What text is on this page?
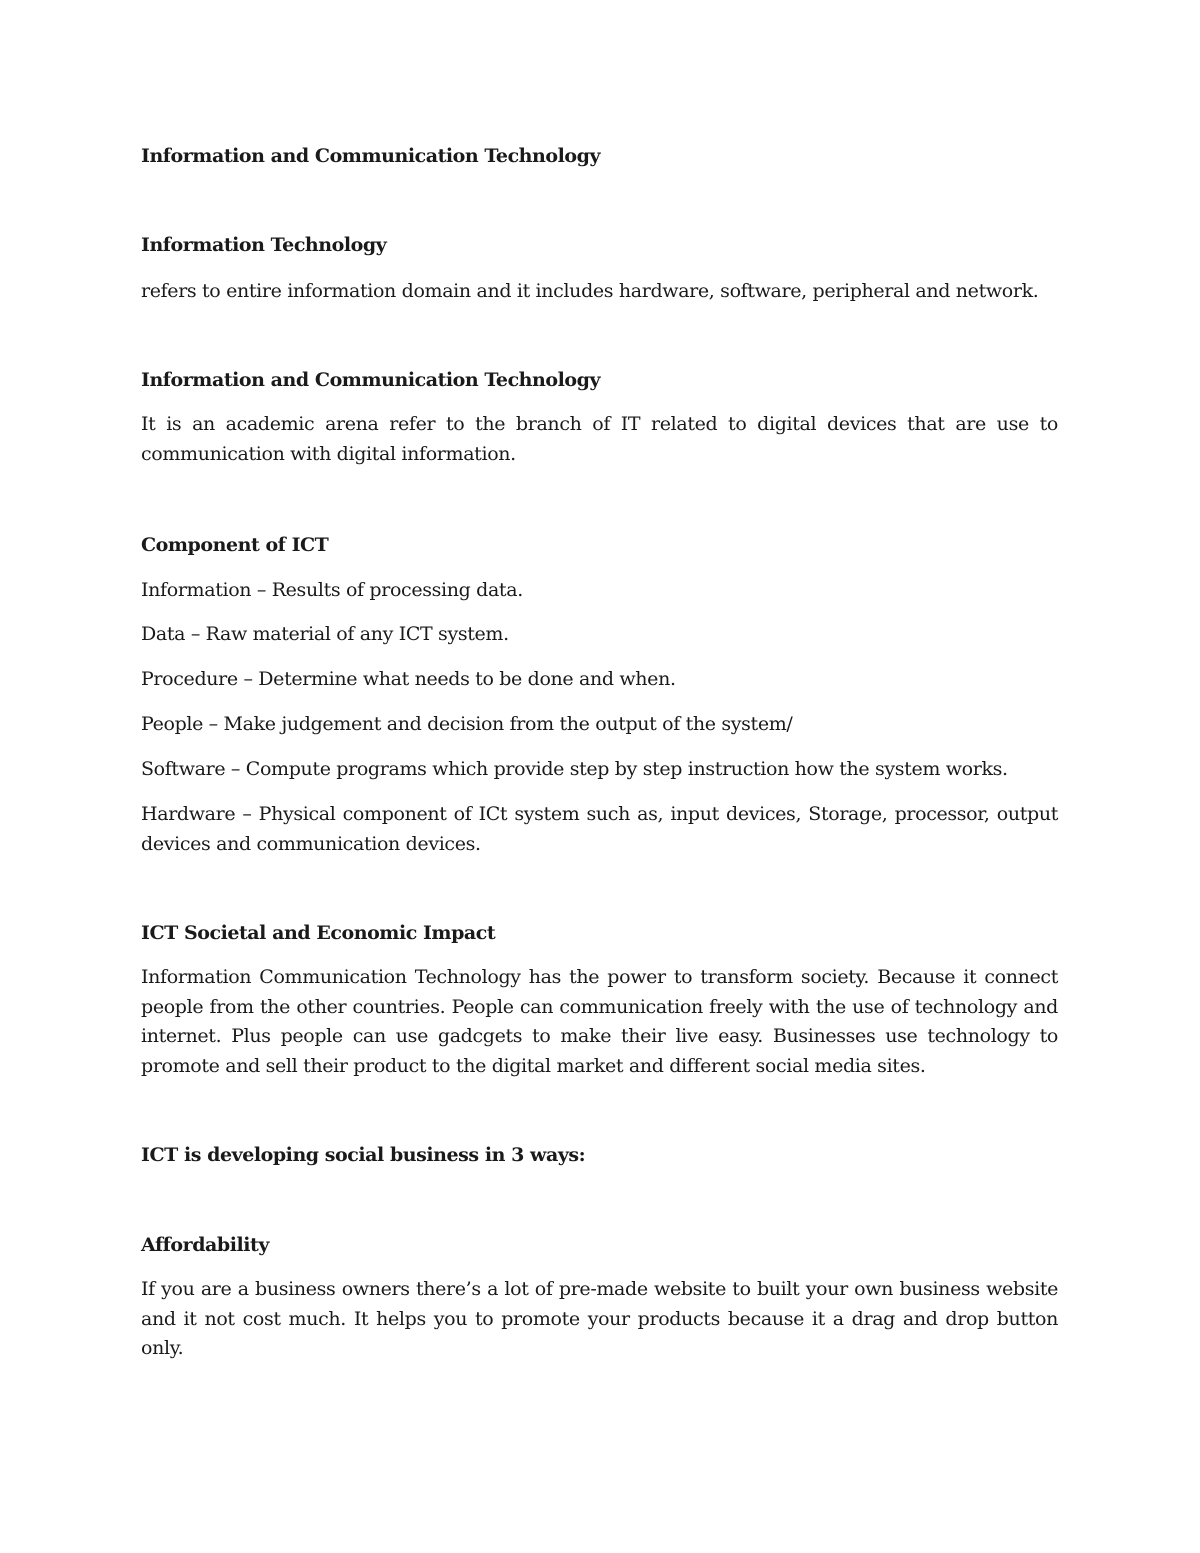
Information and Communication Technology

Information Technology

refers to entire information domain and it includes hardware, software, peripheral and network.

Information and Communication Technology

It is an academic arena refer to the branch of IT related to digital devices that are use to communication with digital information.

Component of ICT

Information – Results of processing data.

Data – Raw material of any ICT system.

Procedure – Determine what needs to be done and when.

People – Make judgement and decision from the output of the system/

Software – Compute programs which provide step by step instruction how the system works.

Hardware – Physical component of ICt system such as, input devices, Storage, processor, output devices and communication devices.

ICT Societal and Economic Impact

Information Communication Technology has the power to transform society. Because it connect people from the other countries. People can communication freely with the use of technology and internet. Plus people can use gadcgets to make their live easy. Businesses use technology to promote and sell their product to the digital market and different social media sites.

ICT is developing social business in 3 ways:

Affordability

If you are a business owners there’s a lot of pre-made website to built your own business website and it not cost much. It helps you to promote your products because it a drag and drop button only.
